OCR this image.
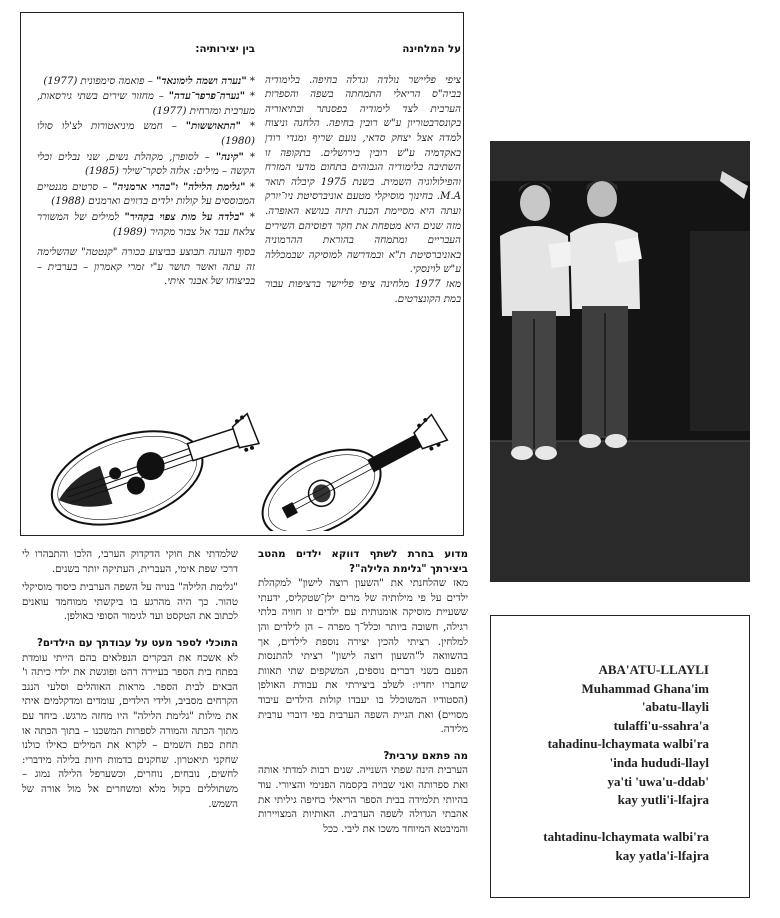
על המלחינה

ציפי פליישר נולדה וגדלה בחיפה. בלימודיה בביה"ס הריאלי התמחתה בשפה והספרות הערבית לצד לימודיה בפסנתר ובתיאוריה בקונסרבטוריון ע"ש רובין בחיפה. הלחנה וניצוח למדה אצל יצחק סדאי, נועם שריף ומנדי רודן באקדמיה ע"ש רובין בירושלים. בתקופה זו השתיבה בלימודיה הגבוהים בתחום מדעי המזרח והפילולוגיה השמית. בשנת 1975 קיבלה תואר M.A. בחינוך מוסיקלי מטעם אוניברסיטת ניו־יורק ועתה היא מסיימת הכנת תיזה בנושא האופרה. מזה שנים היא מטפחת את חקר דפוסיהם השירים העבריים ומתמחה בהוראת ההרמוניה באוניברסיטת ת"א ובמדרשה למוסיקה שבמכללה ע"ש לוינסקי.

מאז 1977 מלחינה ציפי פליישר ברציפות עבור במת הקונצרטים.

בין יצירותיה:

* "נערה ושמה לימונאד" – פואמה סימפונית (1977)

* "נערה־פרפר־עדה" – מחזור שירים בשתי גירסאות, מערבית ומזרחית (1977)

* "התאוששות" – חמש מיניאטורות לצ'לו סולו (1980)

* "קינה" – לסופרן, מקהלת נשים, שני נבלים וכלי הקשה – מילים: אלזה לסקר־שילר (1985)

* "גלימת הלילה" ו"בהרי ארמניה" – סרטים מגנטיים המבוססים על קולות ילדים בדווים וארמנים (1988)

* "בלדה על מות צפוי בקהיר" למילים של המשורר צלאח עבד אל צבור מקהיר (1989)

בסוף העונה תבוצע בביצוע בכורה "קנטטה" שהשלימה זה עתה ואשר תושר ע"י זמרי קאמרון – בערבית – בביצוחו של אבנר איתי.

מדוע בחרת לשתף דווקא ילדים מהטב ביצירתך "גלימת הלילה"?

מאז שהלחנתי את "השעון רוצה לישון" למקהלת ילדים על פי מילותיה של מרים ילן־שטקליס, ידעתי ששעיית מוסיקה אומנותית עם ילדים זו חוויה בלתי רגילה, חשובה ביותר וכלל־ך מפרה – הן לילדים והן למלחין. רציתי להכין יצירה נוספת לילדים, אך בהשוואה ל"השעון רוצה לישון" רציתי להתנסות הפעם בשני דברים נוספים, המשקפים שתי תאוות שחברו יחדיו: לשלב ביצירתי את עבודת האולפן (הסטודיו המשוכלל בו יעבדו קולות הילדים עיבוד מסויים) ואת הגיית השפה הערבית בפי דוברי ערבית מלידה.

מה פתאם ערבית?

הערבית הינה שפתי השנייה. שנים רבות למדתי אותה ואת ספרותה ואני שבויה בקסמה הפנימי והציורי. עוד בהיותי תלמידה בבית הספר הריאלי בחיפה גיליתי את אהבתי הגדולה לשפה הערבית. האותיות המצויירות והמיבטא המיוחד משכו את ליבי. ככל

שלמדתי את חוקי הדקדוק הערבי, הלכו והתבהרו לי דרכי שפת אימי, העברית, העתיקה יותר בשנים.

"גלימת הלילה" בנויה על השפה הערבית כיסוד מוסיקלי טהור. כך היה מהרגע בו ביקשתי ממוחמד עואנים לכתוב את הטקסט ועד לגימור הסופי באולפן.

התוכלי לספר מעט על עבודתך עם הילדים?

לא אשכח את הבקרים הנפלאים בהם הייתי עומדת בפתח בית הספר בעיירה רהט ופוגשת את ילדי כיתה ו' הבאים לבית הספר. מראות האוהלים וסלעי הנגב הקרחים מסביב, ולידי הילדים, עומדים ומדקלמים איתי את מילות "גלימת הלילה" היו מחזה מרגש. ביחד עם מתוך הכתה והמורה לספרות המשכנו – בתוך הכתה או תחת כפת השמים – לקרא את המילים כאילו כולנו שחקני תיאטרון. שחקנים בדמות חיות בלילה מידברי: לחשים, נובחים, נוחרים, וכשערפל הלילה נמוג – משתוללים בקול מלא ומשחרים אל מול אורה של השמש.

ABA'ATU-LLAYLI
Muhammad Ghana'im
'abatu-llayli
tulaffi'u-ssahra'a
tahadinu-lchaymata walbi'ra
'inda hududi-llayl
ya'ti 'uwa'u-ddab'
kay yutli'i-lfajra
tahtadinu-lchaymata walbi'ra
kay yatla'i-lfajra
